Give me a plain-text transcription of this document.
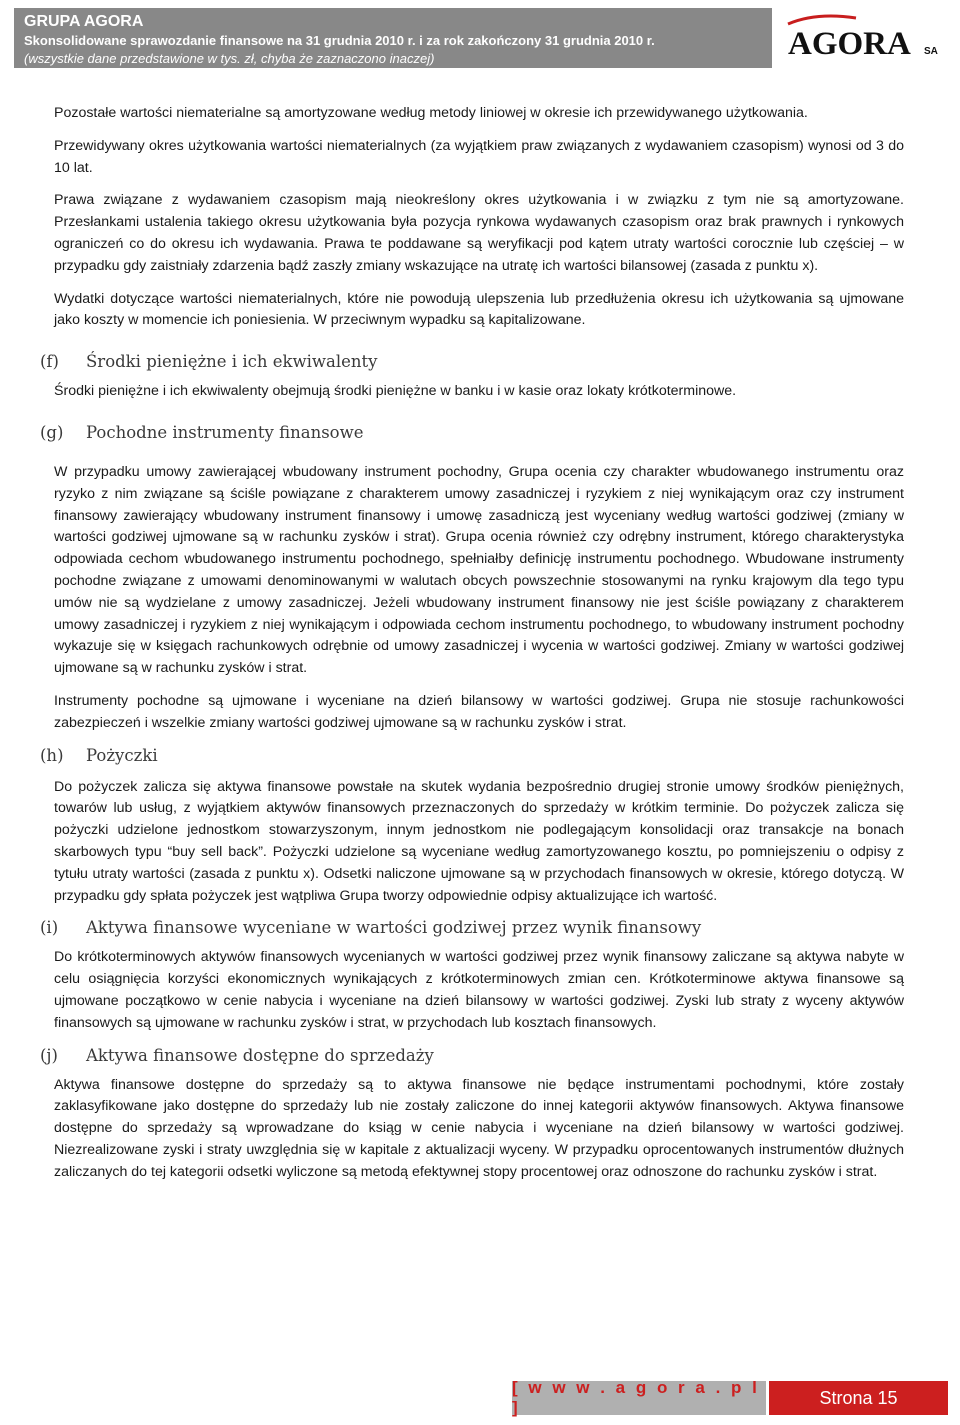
GRUPA AGORA
Skonsolidowane sprawozdanie finansowe na 31 grudnia 2010 r. i za rok zakończony 31 grudnia 2010 r.
(wszystkie dane przedstawione w tys. zł, chyba że zaznaczono inaczej)	AGORA SA

Pozostałe wartości niematerialne są amortyzowane według metody liniowej w okresie ich przewidywanego użytkowania.

Przewidywany okres użytkowania wartości niematerialnych (za wyjątkiem praw związanych z wydawaniem czasopism) wynosi od 3 do 10 lat.

Prawa związane z wydawaniem czasopism mają nieokreślony okres użytkowania i w związku z tym nie są amortyzowane. Przesłankami ustalenia takiego okresu użytkowania była pozycja rynkowa wydawanych czasopism oraz brak prawnych i rynkowych ograniczeń co do okresu ich wydawania. Prawa te poddawane są weryfikacji pod kątem utraty wartości corocznie lub częściej – w przypadku gdy zaistniały zdarzenia bądź zaszły zmiany wskazujące na utratę ich wartości bilansowej (zasada z punktu x).

Wydatki dotyczące wartości niematerialnych, które nie powodują ulepszenia lub przedłużenia okresu ich użytkowania są ujmowane jako koszty w momencie ich poniesienia. W przeciwnym wypadku są kapitalizowane.

(f)	Środki pieniężne i ich ekwiwalenty

Środki pieniężne i ich ekwiwalenty obejmują środki pieniężne w banku i w kasie oraz lokaty krótkoterminowe.

(g)	Pochodne instrumenty finansowe

W przypadku umowy zawierającej wbudowany instrument pochodny, Grupa ocenia czy charakter wbudowanego instrumentu oraz ryzyko z nim związane są ściśle powiązane z charakterem umowy zasadniczej i ryzykiem z niej wynikającym oraz czy instrument finansowy zawierający wbudowany instrument finansowy i umowę zasadniczą jest wyceniany według wartości godziwej (zmiany w wartości godziwej ujmowane są w rachunku zysków i strat). Grupa ocenia również czy odrębny instrument, którego charakterystyka odpowiada cechom wbudowanego instrumentu pochodnego, spełniałby definicję instrumentu pochodnego. Wbudowane instrumenty pochodne związane z umowami denominowanymi w walutach obcych powszechnie stosowanymi na rynku krajowym dla tego typu umów nie są wydzielane z umowy zasadniczej. Jeżeli wbudowany instrument finansowy nie jest ściśle powiązany z charakterem umowy zasadniczej i ryzykiem z niej wynikającym i odpowiada cechom instrumentu pochodnego, to wbudowany instrument pochodny wykazuje się w księgach rachunkowych odrębnie od umowy zasadniczej i wycenia w wartości godziwej. Zmiany w wartości godziwej ujmowane są w rachunku zysków i strat.

Instrumenty pochodne są ujmowane i wyceniane na dzień bilansowy w wartości godziwej. Grupa nie stosuje rachunkowości zabezpieczeń i wszelkie zmiany wartości godziwej ujmowane są w rachunku zysków i strat.

(h)	Pożyczki

Do pożyczek zalicza się aktywa finansowe powstałe na skutek wydania bezpośrednio drugiej stronie umowy środków pieniężnych, towarów lub usług, z wyjątkiem aktywów finansowych przeznaczonych do sprzedaży w krótkim terminie. Do pożyczek zalicza się pożyczki udzielone jednostkom stowarzyszonym, innym jednostkom nie podlegającym konsolidacji oraz transakcje na bonach skarbowych typu “buy sell back”. Pożyczki udzielone są wyceniane według zamortyzowanego kosztu, po pomniejszeniu o odpisy z tytułu utraty wartości (zasada z punktu x). Odsetki naliczone ujmowane są w przychodach finansowych w okresie, którego dotyczą. W przypadku gdy spłata pożyczek jest wątpliwa Grupa tworzy odpowiednie odpisy aktualizujące ich wartość.

(i)	Aktywa finansowe wyceniane w wartości godziwej przez wynik finansowy

Do krótkoterminowych aktywów finansowych wycenianych w wartości godziwej przez wynik finansowy zaliczane są aktywa nabyte w celu osiągnięcia korzyści ekonomicznych wynikających z krótkoterminowych zmian cen. Krótkoterminowe aktywa finansowe są ujmowane początkowo w cenie nabycia i wyceniane na dzień bilansowy w wartości godziwej. Zyski lub straty z wyceny aktywów finansowych są ujmowane w rachunku zysków i strat, w przychodach lub kosztach finansowych.

(j)	Aktywa finansowe dostępne do sprzedaży

Aktywa finansowe dostępne do sprzedaży są to aktywa finansowe nie będące instrumentami pochodnymi, które zostały zaklasyfikowane jako dostępne do sprzedaży lub nie zostały zaliczone do innej kategorii aktywów finansowych. Aktywa finansowe dostępne do sprzedaży są wprowadzane do ksiąg w cenie nabycia i wyceniane na dzień bilansowy w wartości godziwej. Niezrealizowane zyski i straty uwzględnia się w kapitale z aktualizacji wyceny. W przypadku oprocentowanych instrumentów dłużnych zaliczanych do tej kategorii odsetki wyliczone są metodą efektywnej stopy procentowej oraz odnoszone do rachunku zysków i strat.

[ w w w . a g o r a . p l ]	Strona 15
